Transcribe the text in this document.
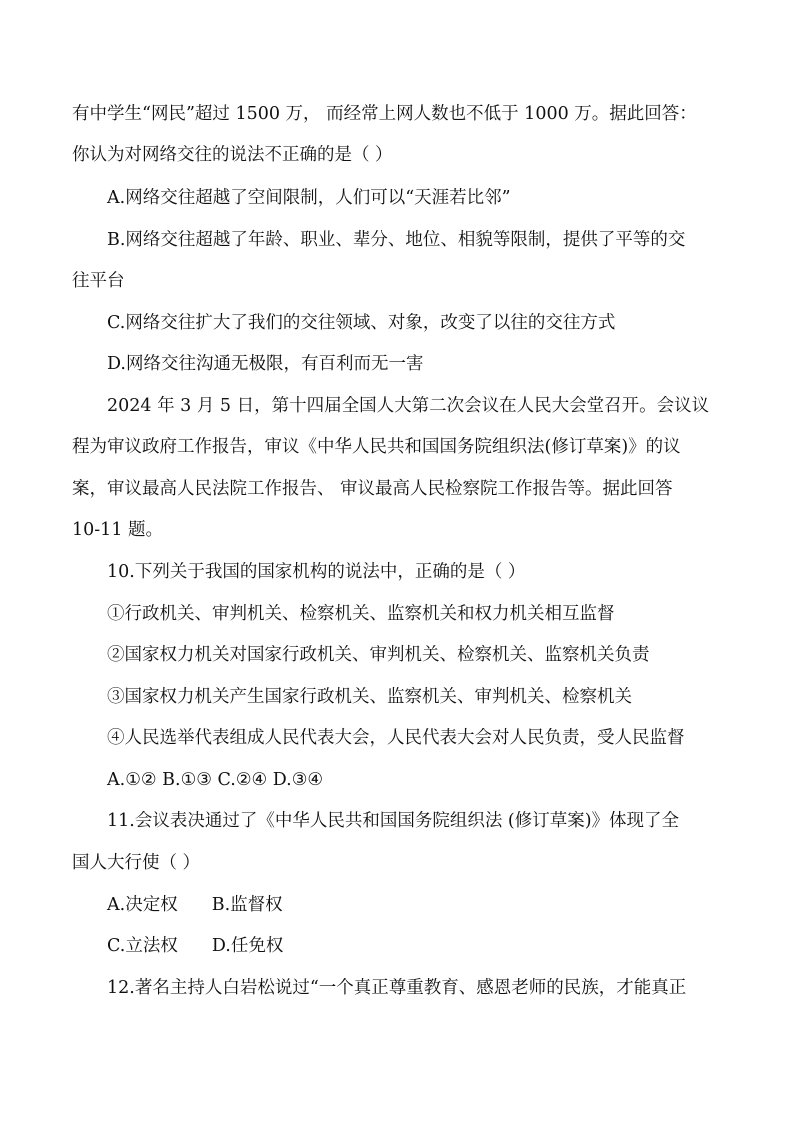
有中学生“网民”超过 1500 万， 而经常上网人数也不低于 1000 万。据此回答：
你认为对网络交往的说法不正确的是（ ）
A.网络交往超越了空间限制，人们可以“天涯若比邻”
B.网络交往超越了年龄、职业、辈分、地位、相貌等限制，提供了平等的交
往平台
C.网络交往扩大了我们的交往领域、对象，改变了以往的交往方式
D.网络交往沟通无极限，有百利而无一害
2024 年 3 月 5 日，第十四届全国人大第二次会议在人民大会堂召开。会议议
程为审议政府工作报告，审议《中华人民共和国国务院组织法(修订草案)》的议
案，审议最高人民法院工作报告、 审议最高人民检察院工作报告等。据此回答
10-11 题。
10.下列关于我国的国家机构的说法中，正确的是（ ）
①行政机关、审判机关、检察机关、监察机关和权力机关相互监督
②国家权力机关对国家行政机关、审判机关、检察机关、监察机关负责
③国家权力机关产生国家行政机关、监察机关、审判机关、检察机关
④人民选举代表组成人民代表大会，人民代表大会对人民负责，受人民监督
A.①② B.①③ C.②④ D.③④
11.会议表决通过了《中华人民共和国国务院组织法 (修订草案)》体现了全
国人大行使（ ）
A.决定权 B.监督权
C.立法权 D.任免权
12.著名主持人白岩松说过“一个真正尊重教育、感恩老师的民族，才能真正
